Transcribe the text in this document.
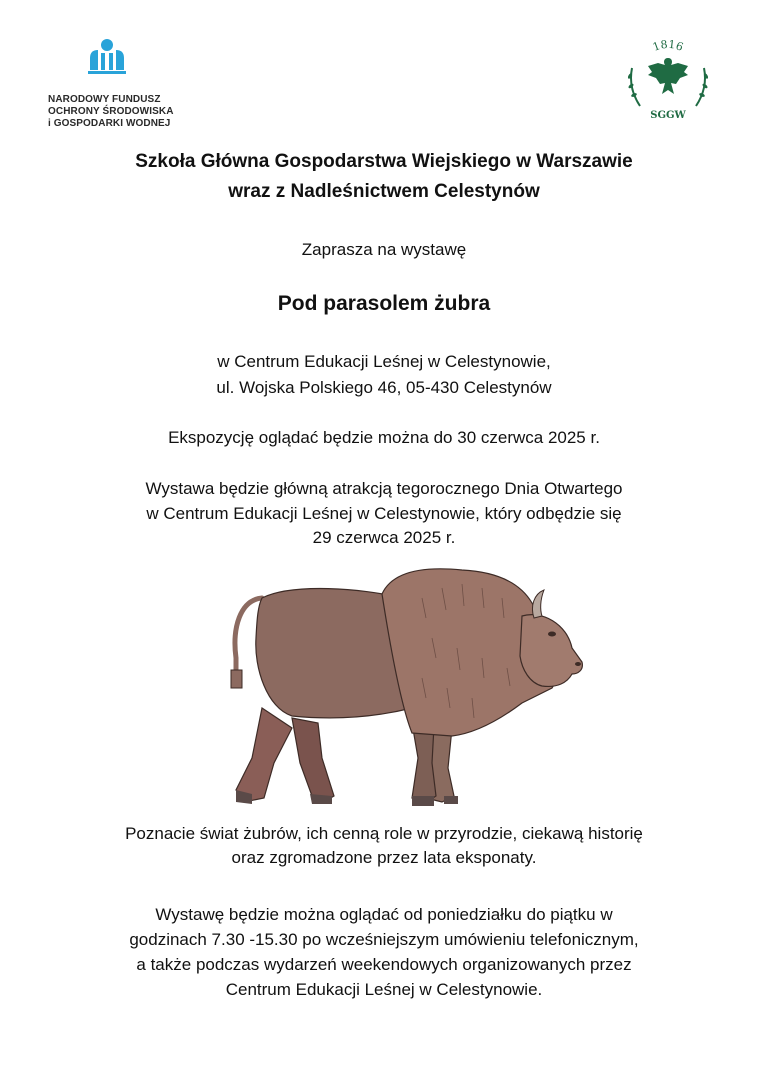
NARODOWY FUNDUSZ
OCHRONY ŚRODOWISKA
i GOSPODARKI WODNEJ
1816
SGGW
Szkoła Główna Gospodarstwa Wiejskiego w Warszawie
wraz z Nadleśnictwem Celestynów
Zaprasza na wystawę
Pod parasolem żubra
w Centrum Edukacji Leśnej w Celestynowie,
ul. Wojska Polskiego 46, 05-430 Celestynów
Ekspozycję oglądać będzie można do 30 czerwca 2025 r.
Wystawa będzie główną atrakcją tegorocznego Dnia Otwartego
w Centrum Edukacji Leśnej w Celestynowie, który odbędzie się
29 czerwca 2025 r.
Poznacie świat żubrów, ich cenną role w przyrodzie, ciekawą historię
oraz zgromadzone przez lata eksponaty.
Wystawę będzie można oglądać od poniedziałku do piątku w
godzinach 7.30 -15.30 po wcześniejszym umówieniu telefonicznym,
a także podczas wydarzeń weekendowych organizowanych przez
Centrum Edukacji Leśnej w Celestynowie.
